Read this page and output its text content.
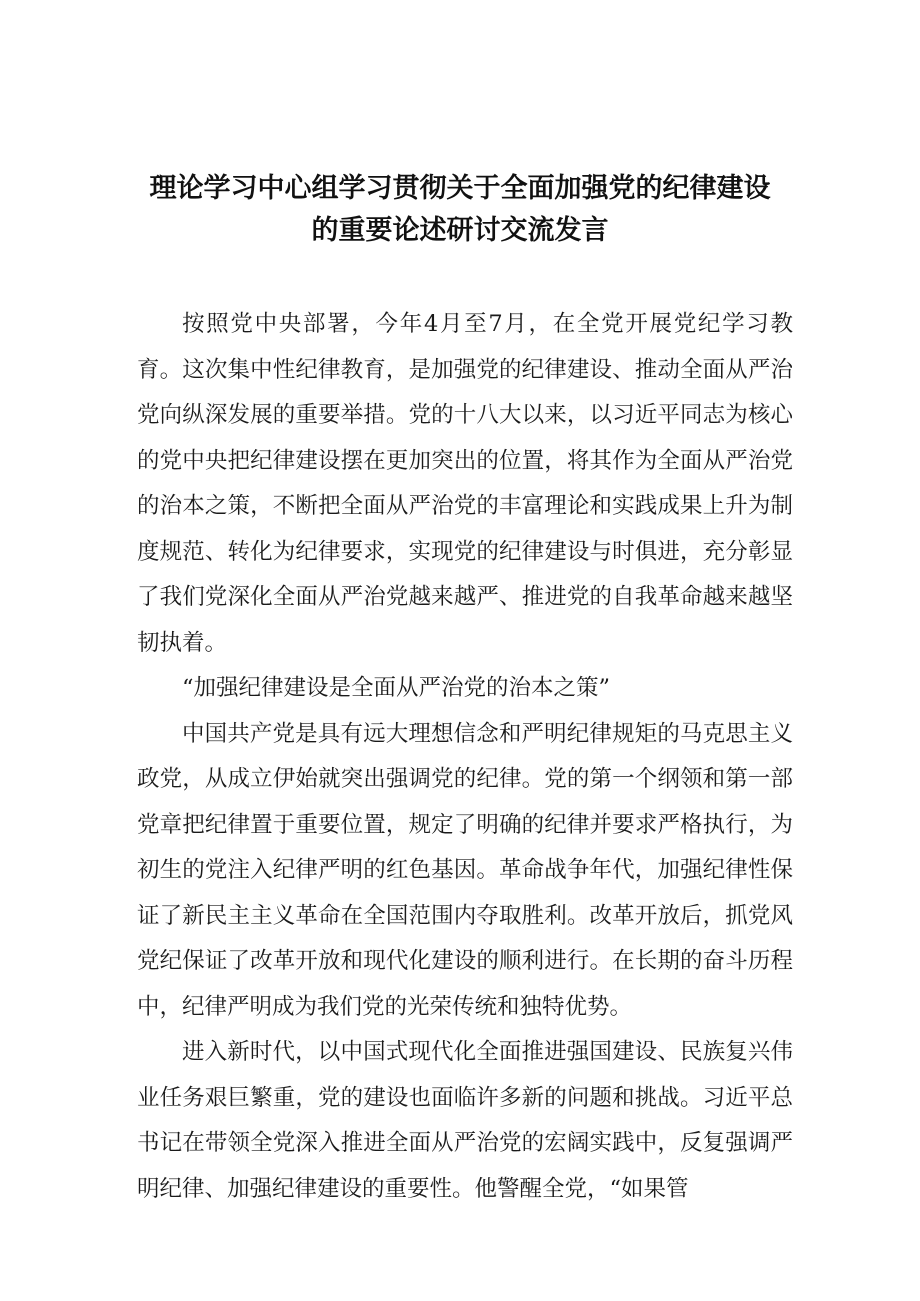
理论学习中心组学习贯彻关于全面加强党的纪律建设
的重要论述研讨交流发言

按照党中央部署，今年4月至7月，在全党开展党纪学习教育。这次集中性纪律教育，是加强党的纪律建设、推动全面从严治党向纵深发展的重要举措。党的十八大以来，以习近平同志为核心的党中央把纪律建设摆在更加突出的位置，将其作为全面从严治党的治本之策，不断把全面从严治党的丰富理论和实践成果上升为制度规范、转化为纪律要求，实现党的纪律建设与时俱进，充分彰显了我们党深化全面从严治党越来越严、推进党的自我革命越来越坚韧执着。

“加强纪律建设是全面从严治党的治本之策”

中国共产党是具有远大理想信念和严明纪律规矩的马克思主义政党，从成立伊始就突出强调党的纪律。党的第一个纲领和第一部党章把纪律置于重要位置，规定了明确的纪律并要求严格执行，为初生的党注入纪律严明的红色基因。革命战争年代，加强纪律性保证了新民主主义革命在全国范围内夺取胜利。改革开放后，抓党风党纪保证了改革开放和现代化建设的顺利进行。在长期的奋斗历程中，纪律严明成为我们党的光荣传统和独特优势。

进入新时代，以中国式现代化全面推进强国建设、民族复兴伟业任务艰巨繁重，党的建设也面临许多新的问题和挑战。习近平总书记在带领全党深入推进全面从严治党的宏阔实践中，反复强调严明纪律、加强纪律建设的重要性。他警醒全党，“如果管
